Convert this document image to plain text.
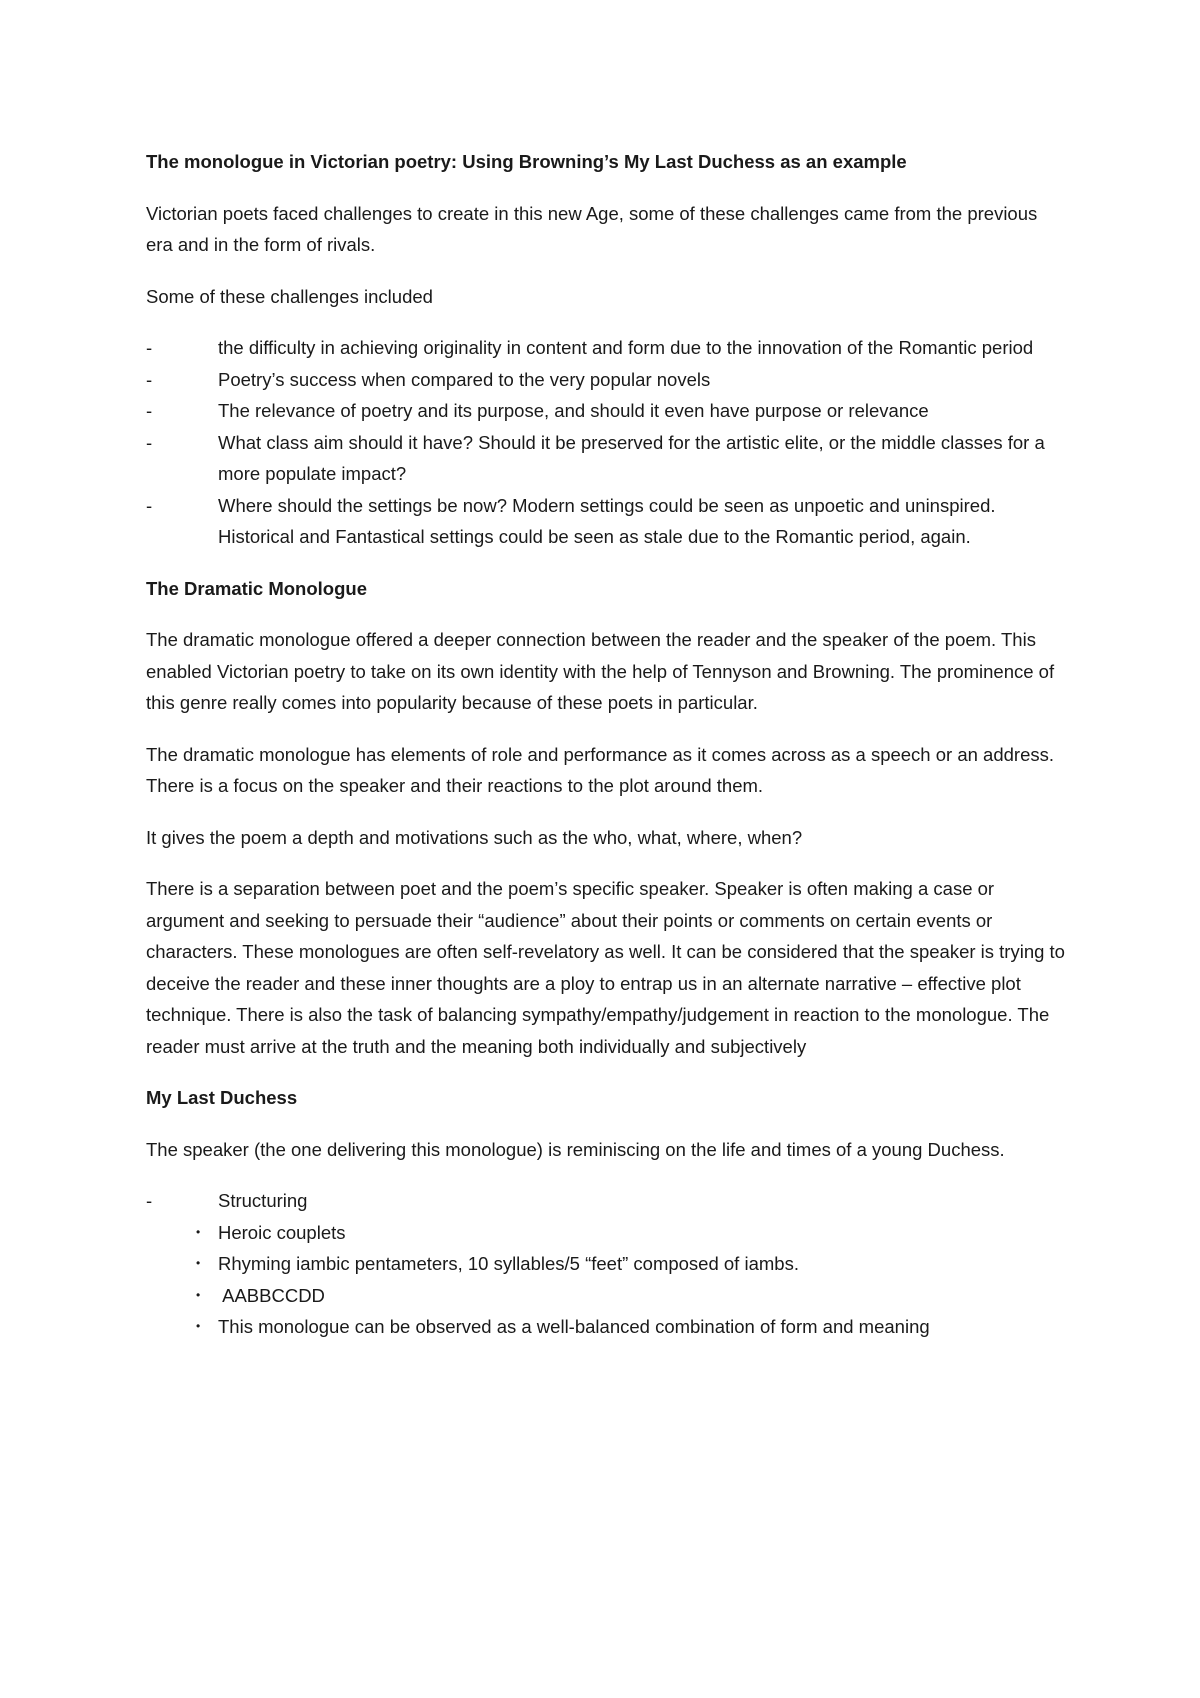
The monologue in Victorian poetry: Using Browning’s My Last Duchess as an example

Victorian poets faced challenges to create in this new Age, some of these challenges came from the previous era and in the form of rivals.

Some of these challenges included

-	the difficulty in achieving originality in content and form due to the innovation of the Romantic period
-	Poetry’s success when compared to the very popular novels
-	The relevance of poetry and its purpose, and should it even have purpose or relevance
-	What class aim should it have? Should it be preserved for the artistic elite, or the middle classes for a more populate impact?
-	Where should the settings be now? Modern settings could be seen as unpoetic and uninspired. Historical and Fantastical settings could be seen as stale due to the Romantic period, again.
The Dramatic Monologue

The dramatic monologue offered a deeper connection between the reader and the speaker of the poem. This enabled Victorian poetry to take on its own identity with the help of Tennyson and Browning. The prominence of this genre really comes into popularity because of these poets in particular.

The dramatic monologue has elements of role and performance as it comes across as a speech or an address. There is a focus on the speaker and their reactions to the plot around them.

It gives the poem a depth and motivations such as the who, what, where, when?

There is a separation between poet and the poem’s specific speaker. Speaker is often making a case or argument and seeking to persuade their “audience” about their points or comments on certain events or characters. These monologues are often self-revelatory as well. It can be considered that the speaker is trying to deceive the reader and these inner thoughts are a ploy to entrap us in an alternate narrative – effective plot technique. There is also the task of balancing sympathy/empathy/judgement in reaction to the monologue. The reader must arrive at the truth and the meaning both individually and subjectively

My Last Duchess

The speaker (the one delivering this monologue) is reminiscing on the life and times of a young Duchess.

-	Structuring
• Heroic couplets
• Rhyming iambic pentameters, 10 syllables/5 “feet” composed of iambs.
• AABBCCDD
• This monologue can be observed as a well-balanced combination of form and meaning
